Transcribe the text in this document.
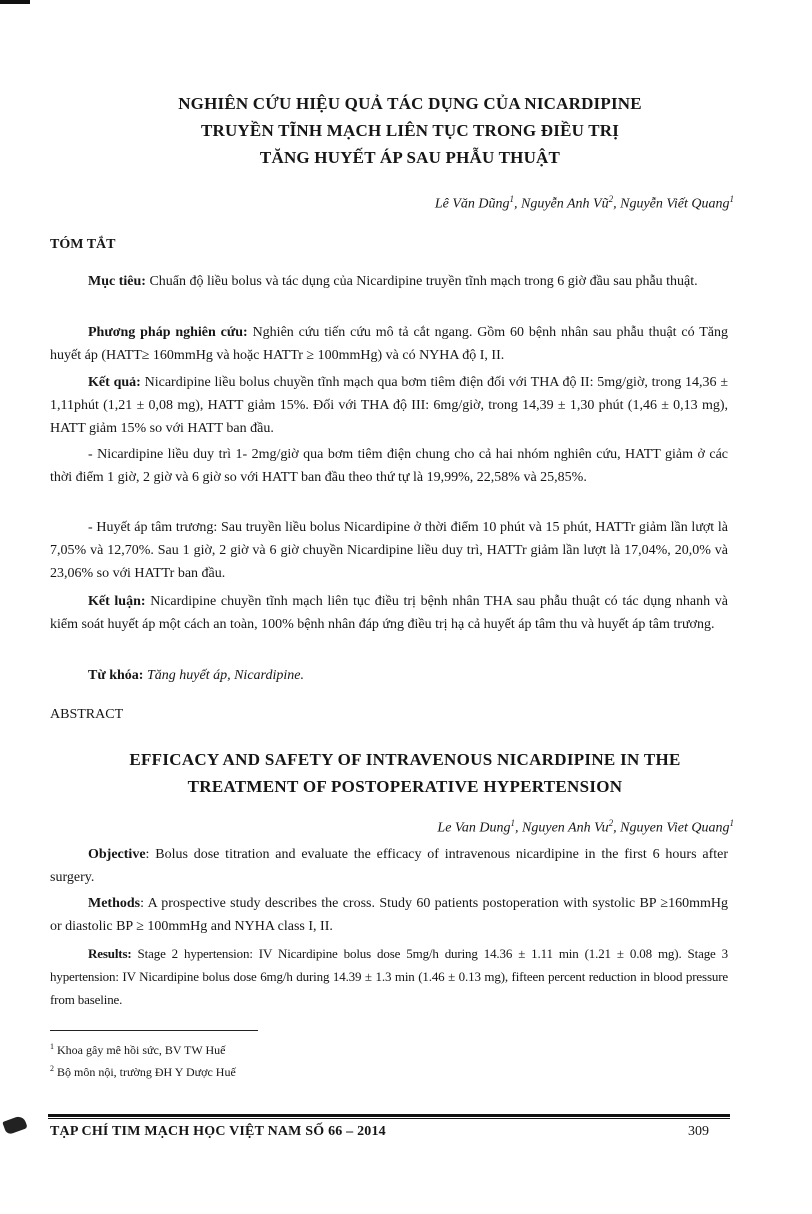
NGHIÊN CỨU HIỆU QUẢ TÁC DỤNG CỦA NICARDIPINE
TRUYỀN TĨNH MẠCH LIÊN TỤC TRONG ĐIỀU TRỊ
TĂNG HUYẾT ÁP SAU PHẪU THUẬT
Lê Văn Dũng$^1$, Nguyễn Anh $Vũ^2$, Nguyễn Viết Quang$^1$
TÓM TẮT

Mục tiêu: Chuẩn độ liều bolus và tác dụng của Nicardipine truyền tĩnh mạch trong 6 giờ đầu sau phẫu thuật.

Phương pháp nghiên cứu: Nghiên cứu tiến cứu mô tả cắt ngang. Gồm 60 bệnh nhân sau phẫu thuật có Tăng huyết áp (HATT≥ 160mmHg và hoặc HATTr ≥ 100mmHg) và có NYHA độ I, II.

Kết quả: Nicardipine liều bolus chuyền tĩnh mạch qua bơm tiêm điện đối với THA độ II: 5mg/giờ, trong 14,36 ± 1,11phút (1,21 ± 0,08 mg), HATT giảm 15%. Đối với THA độ III: 6mg/giờ, trong 14,39 ± 1,30 phút (1,46 ± 0,13 mg), HATT giảm 15% so với HATT ban đầu.

- Nicardipine liều duy trì 1- 2mg/giờ qua bơm tiêm điện chung cho cả hai nhóm nghiên cứu, HATT giảm ở các thời điểm 1 giờ, 2 giờ và 6 giờ so với HATT ban đầu theo thứ tự là 19,99%, 22,58% và 25,85%.

- Huyết áp tâm trương: Sau truyền liều bolus Nicardipine ở thời điểm 10 phút và 15 phút, HATTr giảm lần lượt là 7,05% và 12,70%. Sau 1 giờ, 2 giờ và 6 giờ chuyền Nicardipine liều duy trì, HATTr giảm lần lượt là 17,04%, 20,0% và 23,06% so với HATTr ban đầu.

Kết luận: Nicardipine chuyền tĩnh mạch liên tục điều trị bệnh nhân THA sau phẫu thuật có tác dụng nhanh và kiểm soát huyết áp một cách an toàn, 100% bệnh nhân đáp ứng điều trị hạ cả huyết áp tâm thu và huyết áp tâm trương.

Từ khóa: Tăng huyết áp, Nicardipine.

ABSTRACT
EFFICACY AND SAFETY OF INTRAVENOUS NICARDIPINE IN THE
TREATMENT OF POSTOPERATIVE HYPERTENSION
Le Van Dung$^1$, Nguyen Anh Vu$^2$, Nguyen Viet Quang$^1$

Objective: Bolus dose titration and evaluate the efficacy of intravenous nicardipine in the first 6 hours after surgery.

Methods: A prospective study describes the cross. Study 60 patients postoperation with systolic BP ≥160mmHg or diastolic BP ≥ 100mmHg and NYHA class I, II.

Results: Stage 2 hypertension: IV Nicardipine bolus dose 5mg/h during 14.36 ± 1.11 min (1.21 ± 0.08 mg). Stage 3 hypertension: IV Nicardipine bolus dose 6mg/h during 14.39 ± 1.3 min (1.46 ± 0.13 mg), fifteen percent reduction in blood pressure from baseline.

$^1$ Khoa gây mê hồi sức, BV TW Huế
$^2$ Bộ môn nội, trường ĐH Y Dược Huế
TẠP CHÍ TIM MẠCH HỌC VIỆT NAM SỐ 66 – 2014	309
